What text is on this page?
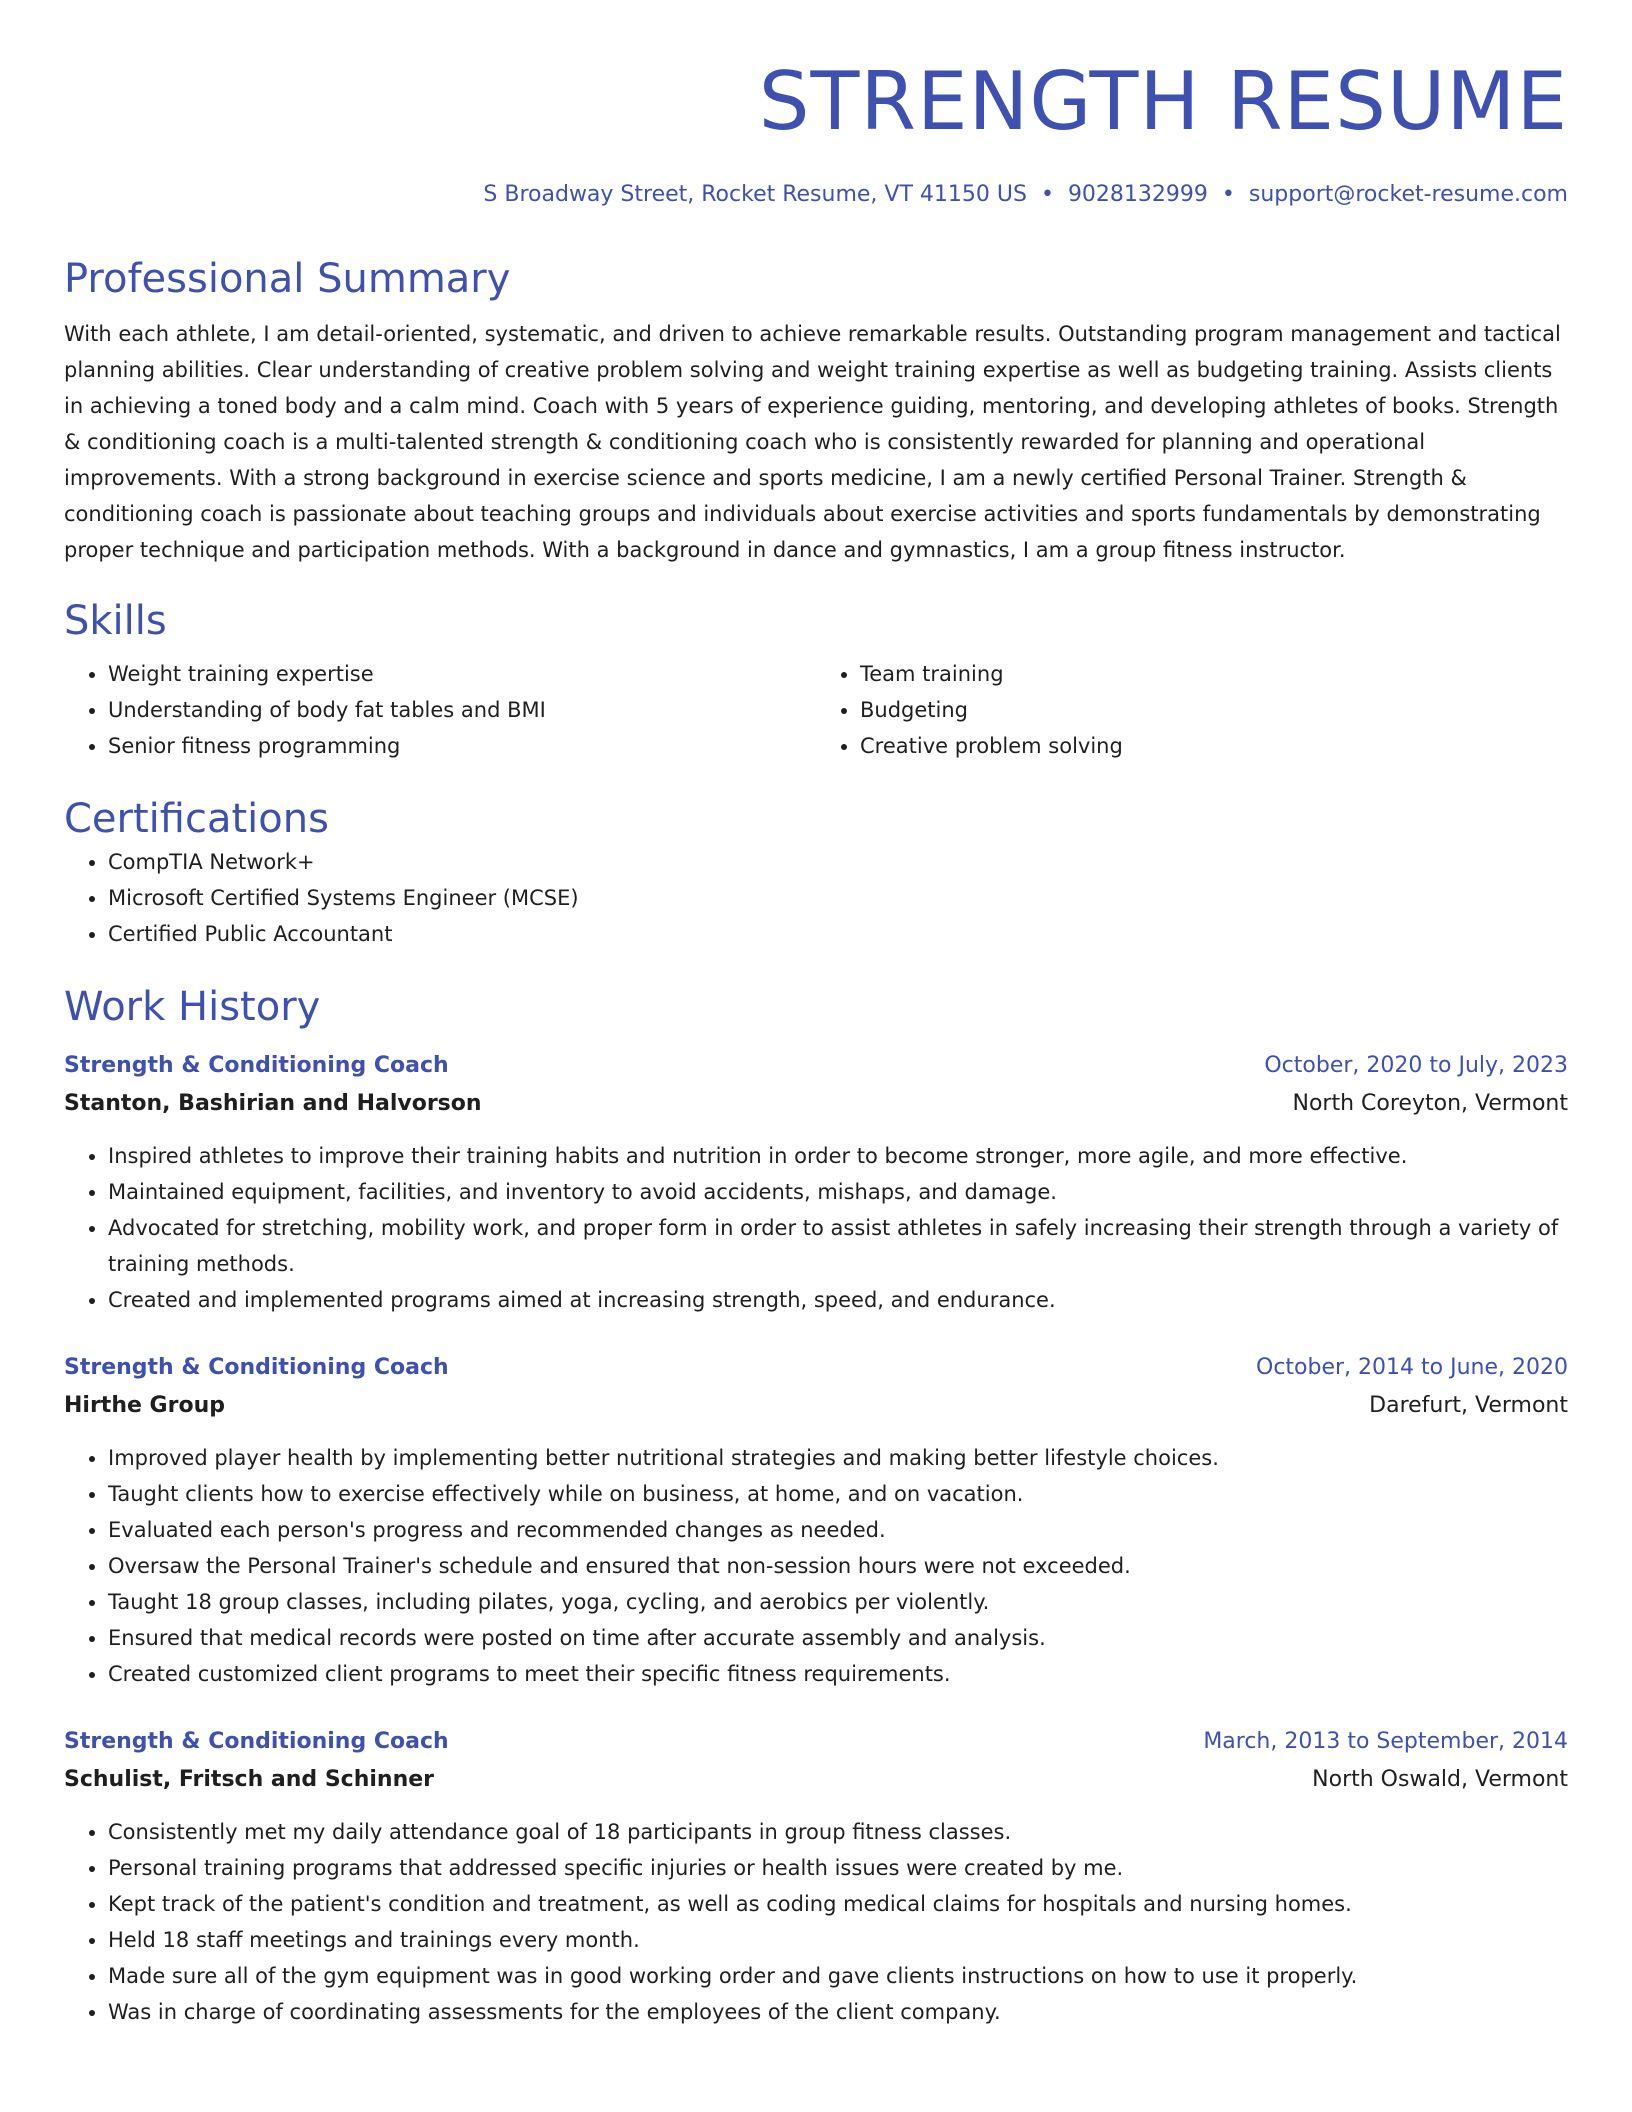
STRENGTH RESUME
S Broadway Street, Rocket Resume, VT 41150 US • 9028132999 • support@rocket-resume.com
Professional Summary
With each athlete, I am detail-oriented, systematic, and driven to achieve remarkable results. Outstanding program management and tactical planning abilities. Clear understanding of creative problem solving and weight training expertise as well as budgeting training. Assists clients in achieving a toned body and a calm mind. Coach with 5 years of experience guiding, mentoring, and developing athletes of books. Strength & conditioning coach is a multi-talented strength & conditioning coach who is consistently rewarded for planning and operational improvements. With a strong background in exercise science and sports medicine, I am a newly certified Personal Trainer. Strength & conditioning coach is passionate about teaching groups and individuals about exercise activities and sports fundamentals by demonstrating proper technique and participation methods. With a background in dance and gymnastics, I am a group fitness instructor.
Skills
• Weight training expertise
• Understanding of body fat tables and BMI
• Senior fitness programming
• Team training
• Budgeting
• Creative problem solving
Certifications
• CompTIA Network+
• Microsoft Certified Systems Engineer (MCSE)
• Certified Public Accountant
Work History
Strength & Conditioning Coach	October, 2020 to July, 2023
Stanton, Bashirian and Halvorson	North Coreyton, Vermont
• Inspired athletes to improve their training habits and nutrition in order to become stronger, more agile, and more effective.
• Maintained equipment, facilities, and inventory to avoid accidents, mishaps, and damage.
• Advocated for stretching, mobility work, and proper form in order to assist athletes in safely increasing their strength through a variety of training methods.
• Created and implemented programs aimed at increasing strength, speed, and endurance.
Strength & Conditioning Coach	October, 2014 to June, 2020
Hirthe Group	Darefurt, Vermont
• Improved player health by implementing better nutritional strategies and making better lifestyle choices.
• Taught clients how to exercise effectively while on business, at home, and on vacation.
• Evaluated each person's progress and recommended changes as needed.
• Oversaw the Personal Trainer's schedule and ensured that non-session hours were not exceeded.
• Taught 18 group classes, including pilates, yoga, cycling, and aerobics per violently.
• Ensured that medical records were posted on time after accurate assembly and analysis.
• Created customized client programs to meet their specific fitness requirements.
Strength & Conditioning Coach	March, 2013 to September, 2014
Schulist, Fritsch and Schinner	North Oswald, Vermont
• Consistently met my daily attendance goal of 18 participants in group fitness classes.
• Personal training programs that addressed specific injuries or health issues were created by me.
• Kept track of the patient's condition and treatment, as well as coding medical claims for hospitals and nursing homes.
• Held 18 staff meetings and trainings every month.
• Made sure all of the gym equipment was in good working order and gave clients instructions on how to use it properly.
• Was in charge of coordinating assessments for the employees of the client company.
